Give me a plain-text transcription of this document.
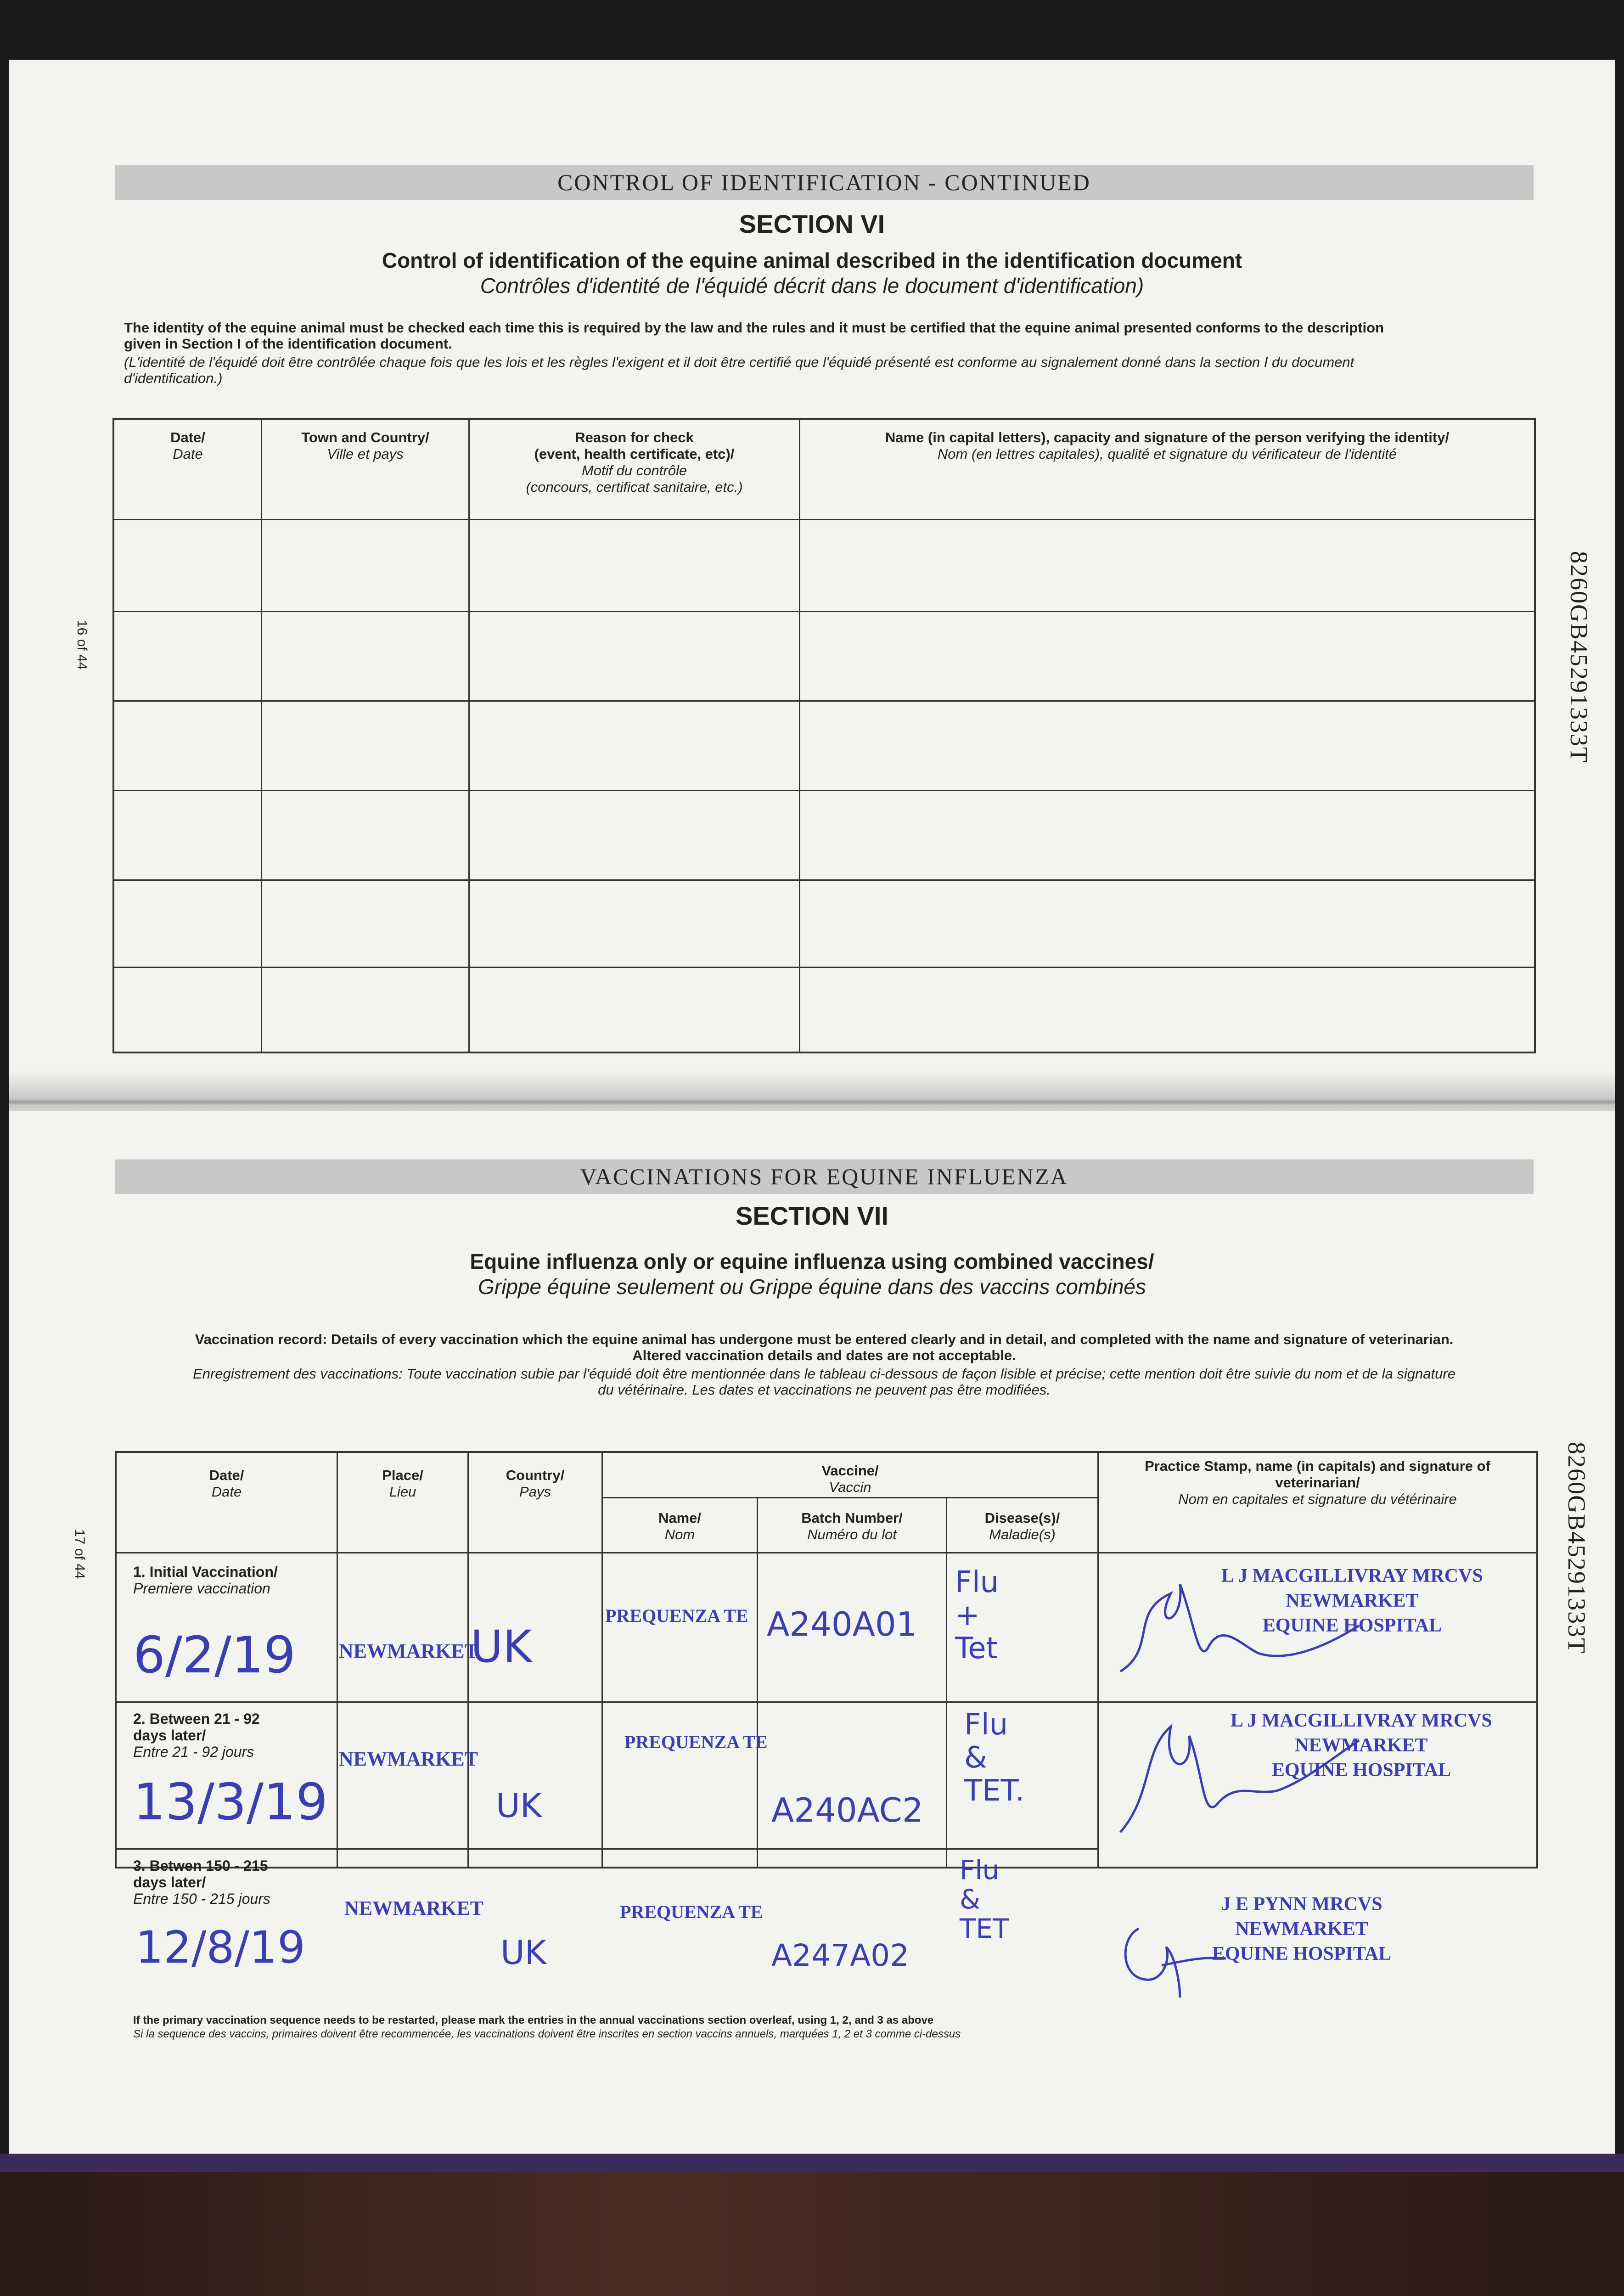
CONTROL OF IDENTIFICATION - CONTINUED
SECTION VI
Control of identification of the equine animal described in the identification document
Contrôles d'identité de l'équidé décrit dans le document d'identification)
The identity of the equine animal must be checked each time this is required by the law and the rules and it must be certified that the equine animal presented conforms to the description
given in Section I of the identification document.
(L'identité de l'équidé doit être contrôlée chaque fois que les lois et les règles l'exigent et il doit être certifié que l'équidé présenté est conforme au signalement donné dans la section I du document
d'identification.)
Date/
Date
Town and Country/
Ville et pays
Reason for check
(event, health certificate, etc)/
Motif du contrôle
(concours, certificat sanitaire, etc.)
Name (in capital letters), capacity and signature of the person verifying the identity/
Nom (en lettres capitales), qualité et signature du vérificateur de l'identité
16 of 44	8260GB45291333T
VACCINATIONS FOR EQUINE INFLUENZA
SECTION VII
Equine influenza only or equine influenza using combined vaccines/
Grippe équine seulement ou Grippe équine dans des vaccins combinés
Vaccination record: Details of every vaccination which the equine animal has undergone must be entered clearly and in detail, and completed with the name and signature of veterinarian.
Altered vaccination details and dates are not acceptable.
Enregistrement des vaccinations: Toute vaccination subie par l'équidé doit être mentionnée dans le tableau ci-dessous de façon lisible et précise; cette mention doit être suivie du nom et de la signature
du vétérinaire. Les dates et vaccinations ne peuvent pas être modifiées.
Date/
Date
Place/
Lieu
Country/
Pays
Vaccine/
Vaccin
Name/
Nom
Batch Number/
Numéro du lot
Disease(s)/
Maladie(s)
Practice Stamp, name (in capitals) and signature of
veterinarian/
Nom en capitales et signature du vétérinaire
1. Initial Vaccination/
Premiere vaccination
6/2/19 NEWMARKET
UK
PREQUENZA TE A240A01
Flu
+
Tet
L J MACGILLIVRAY MRCVS
NEWMARKET
EQUINE HOSPITAL
2. Between 21 - 92
days later/
Entre 21 - 92 jours
13/3/19
NEWMARKET
UK
PREQUENZA TE
A240AC2
Flu
&
TET.
L J MACGILLIVRAY MRCVS
NEWMARKET
EQUINE HOSPITAL
3. Betwen 150 - 215
days later/
Entre 150 - 215 jours
12/8/19
NEWMARKET
UK
PREQUENZA TE
A247A02
Flu
&
TET
J E PYNN MRCVS
NEWMARKET
EQUINE HOSPITAL
If the primary vaccination sequence needs to be restarted, please mark the entries in the annual vaccinations section overleaf, using 1, 2, and 3 as above
Si la sequence des vaccins, primaires doivent être recommencée, les vaccinations doivent être inscrites en section vaccins annuels, marquées 1, 2 et 3 comme ci-dessus
17 of 44	8260GB45291333T
